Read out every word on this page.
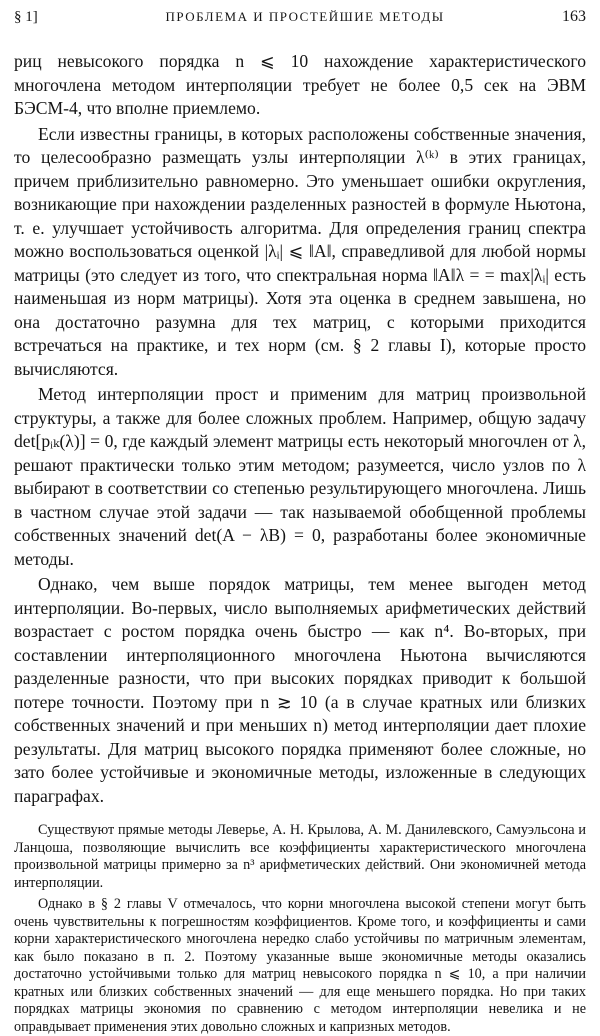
§ 1]	ПРОБЛЕМА И ПРОСТЕЙШИЕ МЕТОДЫ	163

риц невысокого порядка n ⩽ 10 нахождение характеристического многочлена методом интерполяции требует не более 0,5 сек на ЭВМ БЭСМ-4, что вполне приемлемо.

Если известны границы, в которых расположены собственные значения, то целесообразно размещать узлы интерполяции λ⁽ᵏ⁾ в этих границах, причем приблизительно равномерно. Это уменьшает ошибки округления, возникающие при нахождении разделенных разностей в формуле Ньютона, т. е. улучшает устойчивость алгоритма. Для определения границ спектра можно воспользоваться оценкой |λᵢ| ⩽ ‖A‖, справедливой для любой нормы матрицы (это следует из того, что спектральная норма ‖A‖λ = = max|λᵢ| есть наименьшая из норм матрицы). Хотя эта оценка в среднем завышена, но она достаточно разумна для тех матриц, с которыми приходится встречаться на практике, и тех норм (см. § 2 главы I), которые просто вычисляются.

Метод интерполяции прост и применим для матриц произвольной структуры, а также для более сложных проблем. Например, общую задачу det[pᵢₖ(λ)] = 0, где каждый элемент матрицы есть некоторый многочлен от λ, решают практически только этим методом; разумеется, число узлов по λ выбирают в соответствии со степенью результирующего многочлена. Лишь в частном случае этой задачи — так называемой обобщенной проблемы собственных значений det(A − λB) = 0, разработаны более экономичные методы.

Однако, чем выше порядок матрицы, тем менее выгоден метод интерполяции. Во-первых, число выполняемых арифметических действий возрастает с ростом порядка очень быстро — как n⁴. Во-вторых, при составлении интерполяционного многочлена Ньютона вычисляются разделенные разности, что при высоких порядках приводит к большой потере точности. Поэтому при n ≳ 10 (а в случае кратных или близких собственных значений и при меньших n) метод интерполяции дает плохие результаты. Для матриц высокого порядка применяют более сложные, но зато более устойчивые и экономичные методы, изложенные в следующих параграфах.

Существуют прямые методы Леверье, А. Н. Крылова, А. М. Данилевского, Самуэльсона и Ланцоша, позволяющие вычислить все коэффициенты характеристического многочлена произвольной матрицы примерно за n³ арифметических действий. Они экономичней метода интерполяции.

Однако в § 2 главы V отмечалось, что корни многочлена высокой степени могут быть очень чувствительны к погрешностям коэффициентов. Кроме того, и коэффициенты и сами корни характеристического многочлена нередко слабо устойчивы по матричным элементам, как было показано в п. 2. Поэтому указанные выше экономичные методы оказались достаточно устойчивыми только для матриц невысокого порядка n ⩽ 10, а при наличии кратных или близких собственных значений — для еще меньшего порядка. Но при таких порядках матрицы экономия по сравнению с методом интерполяции невелика и не оправдывает применения этих довольно сложных и капризных методов.
